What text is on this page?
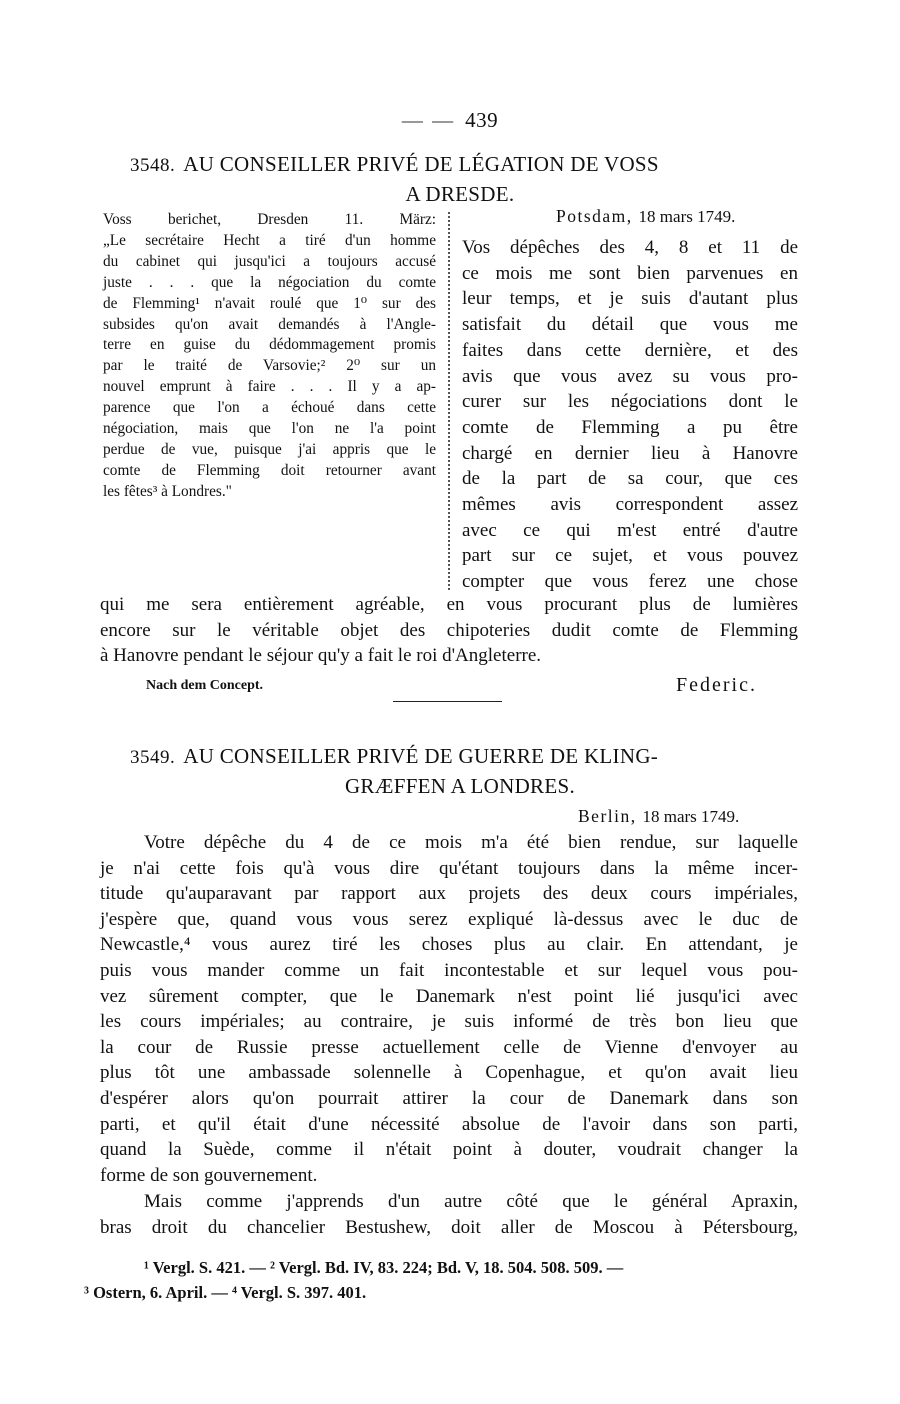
— — 439
3548. AU CONSEILLER PRIVÉ DE LÉGATION DE VOSS
A DRESDE.
Voss berichet, Dresden 11. März:
„Le secrétaire Hecht a tiré d'un homme
du cabinet qui jusqu'ici a toujours accusé
juste . . . que la négociation du comte
de Flemming¹ n'avait roulé que 1⁰ sur des
subsides qu'on avait demandés à l'Angle-
terre en guise du dédommagement promis
par le traité de Varsovie;² 2⁰ sur un
nouvel emprunt à faire . . . Il y a ap-
parence que l'on a échoué dans cette
négociation, mais que l'on ne l'a point
perdue de vue, puisque j'ai appris que le
comte de Flemming doit retourner avant
les fêtes³ à Londres."
Potsdam, 18 mars 1749.
Vos dépêches des 4, 8 et 11 de
ce mois me sont bien parvenues en
leur temps, et je suis d'autant plus
satisfait du détail que vous me
faites dans cette dernière, et des
avis que vous avez su vous pro-
curer sur les négociations dont le
comte de Flemming a pu être
chargé en dernier lieu à Hanovre
de la part de sa cour, que ces
mêmes avis correspondent assez
avec ce qui m'est entré d'autre
part sur ce sujet, et vous pouvez
compter que vous ferez une chose
qui me sera entièrement agréable, en vous procurant plus de lumières
encore sur le véritable objet des chipoteries dudit comte de Flemming
à Hanovre pendant le séjour qu'y a fait le roi d'Angleterre.
Nach dem Concept.	Federic.
3549. AU CONSEILLER PRIVÉ DE GUERRE DE KLING-
GRÆFFEN A LONDRES.
Berlin, 18 mars 1749.
Votre dépêche du 4 de ce mois m'a été bien rendue, sur laquelle
je n'ai cette fois qu'à vous dire qu'étant toujours dans la même incer-
titude qu'auparavant par rapport aux projets des deux cours impériales,
j'espère que, quand vous vous serez expliqué là-dessus avec le duc de
Newcastle,⁴ vous aurez tiré les choses plus au clair. En attendant, je
puis vous mander comme un fait incontestable et sur lequel vous pou-
vez sûrement compter, que le Danemark n'est point lié jusqu'ici avec
les cours impériales; au contraire, je suis informé de très bon lieu que
la cour de Russie presse actuellement celle de Vienne d'envoyer au
plus tôt une ambassade solennelle à Copenhague, et qu'on avait lieu
d'espérer alors qu'on pourrait attirer la cour de Danemark dans son
parti, et qu'il était d'une nécessité absolue de l'avoir dans son parti,
quand la Suède, comme il n'était point à douter, voudrait changer la
forme de son gouvernement.
Mais comme j'apprends d'un autre côté que le général Apraxin,
bras droit du chancelier Bestushew, doit aller de Moscou à Pétersbourg,
¹ Vergl. S. 421. — ² Vergl. Bd. IV, 83. 224; Bd. V, 18. 504. 508. 509. —
³ Ostern, 6. April. — ⁴ Vergl. S. 397. 401.
